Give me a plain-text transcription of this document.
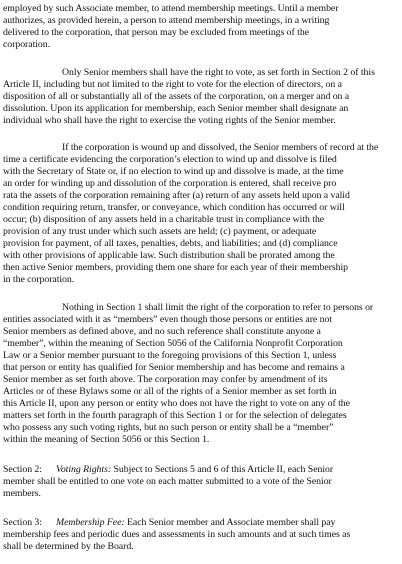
employed by such Associate member, to attend membership meetings. Until a member

authorizes, as provided herein, a person to attend membership meetings, in a writing

delivered to the corporation, that person may be excluded from meetings of the

corporation.

Only Senior members shall have the right to vote, as set forth in Section 2 of this

Article II, including but not limited to the right to vote for the election of directors, on a

disposition of all or substantially all of the assets of the corporation, on a merger and on a

dissolution. Upon its application for membership, each Senior member shall designate an

individual who shall have the right to exercise the voting rights of the Senior member.

If the corporation is wound up and dissolved, the Senior members of record at the

time a certificate evidencing the corporation’s election to wind up and dissolve is filed

with the Secretary of State or, if no election to wind up and dissolve is made, at the time

an order for winding up and dissolution of the corporation is entered, shall receive pro

rata the assets of the corporation remaining after (a) return of any assets held upon a valid

condition requiring return, transfer, or conveyance, which condition has occurred or will

occur; (b) disposition of any assets held in a charitable trust in compliance with the

provision of any trust under which such assets are held; (c) payment, or adequate

provision for payment, of all taxes, penalties, debts, and liabilities; and (d) compliance

with other provisions of applicable law. Such distribution shall be prorated among the

then active Senior members, providing them one share for each year of their membership

in the corporation.

Nothing in Section 1 shall limit the right of the corporation to refer to persons or

entities associated with it as “members” even though those persons or entities are not

Senior members as defined above, and no such reference shall constitute anyone a

“member”, within the meaning of Section 5056 of the California Nonprofit Corporation

Law or a Senior member pursuant to the foregoing provisions of this Section 1, unless

that person or entity has qualified for Senior membership and has become and remains a

Senior member as set forth above. The corporation may confer by amendment of its

Articles or of these Bylaws some or all of the rights of a Senior member as set forth in

this Article II, upon any person or entity who does not have the right to vote on any of the

matters set forth in the fourth paragraph of this Section 1 or for the selection of delegates

who possess any such voting rights, but no such person or entity shall be a “member”

within the meaning of Section 5056 or this Section 1.

Section 2: Voting Rights: Subject to Sections 5 and 6 of this Article II, each Senior

member shall be entitled to one vote on each matter submitted to a vote of the Senior

members.

Section 3: Membership Fee: Each Senior member and Associate member shall pay

membership fees and periodic dues and assessments in such amounts and at such times as

shall be determined by the Board.
